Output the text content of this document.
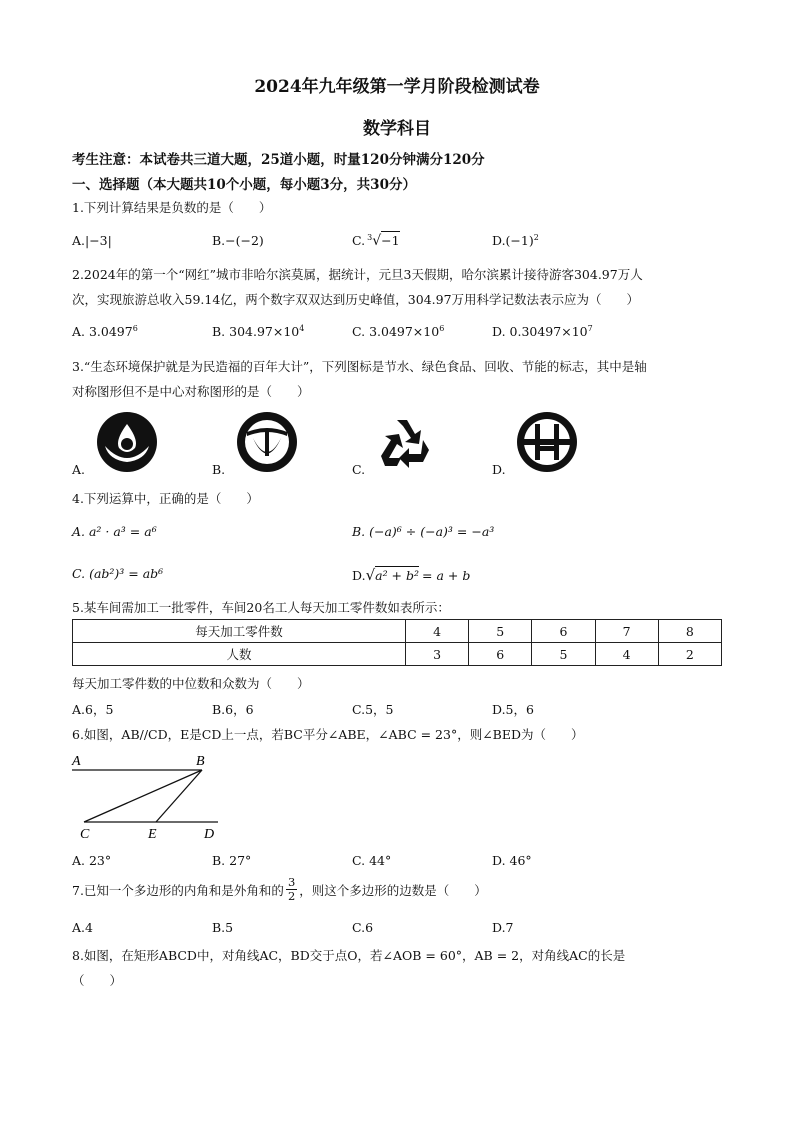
2024年九年级第一学月阶段检测试卷
数学科目
考生注意：本试卷共三道大题，25道小题，时量120分钟满分120分
一、选择题（本大题共10个小题，每小题3分，共30分）
1.下列计算结果是负数的是（　　）
A.|−3|	B.−(−2)	C. $^3$√−1	$D.(-1)^2$
2.2024年的第一个“网红”城市非哈尔滨莫属，据统计，元旦3天假期，哈尔滨累计接待游客304.97万人
次，实现旅游总收入59.14亿，两个数字双双达到历史峰值，304.97万用科学记数法表示应为（　　）
A. 3.0497$^6$	B. $304.97\times 10^4$	C. $3.0497\times 10^6$	D. $0.30497\times 10^7$
3.“生态环境保护就是为民造福的百年大计”，下列图标是节水、绿色食品、回收、节能的标志，其中是轴
对称图形但不是中心对称图形的是（　　）
A.	B.	C.	D.
4.下列运算中，正确的是（　　）
A. a² · a³ = a⁶	B. (−a)⁶ ÷ (−a)³ = −a³
C. (ab²)³ = ab⁶	D.√a² + b² = a + b
5.某车间需加工一批零件，车间20名工人每天加工零件数如表所示：
每天加工零件数	4	5	6	7	8
人数	3	6	5	4	2
每天加工零件数的中位数和众数为（　　）
A.6，5	B.6，6	C.5，5	D.5，6
6.如图，AB//CD，E是CD上一点，若BC平分∠ABE，∠ABC = 23°，则∠BED为（　　）
A	B
C	E	D
A. 23°	B. 27°	C. 44°	D. 46°
7.已知一个多边形的内角和是外角和的
3
2 ，则这个多边形的边数是（　　）
A.4	B.5	C.6	D.7
8.如图，在矩形ABCD中，对角线AC，BD交于点O，若∠AOB = 60°，AB = 2，对角线AC的长是
（　　）
